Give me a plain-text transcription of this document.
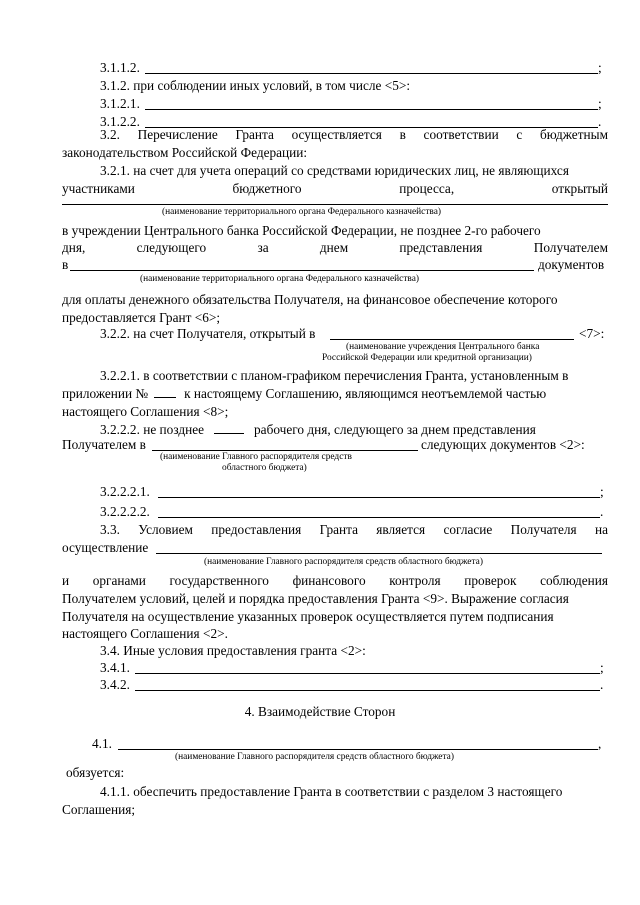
3.1.1.2.	;

3.1.2. при соблюдении иных условий, в том числе <5>:

3.1.2.1.	;

3.1.2.2.	.

3.2. Перечисление Гранта осуществляется в соответствии с бюджетным

законодательством Российской Федерации:

3.2.1. на счет для учета операций со средствами юридических лиц, не являющихся

участниками бюджетного процесса, открытый

(наименование территориального органа Федерального казначейства)

в учреждении Центрального банка Российской Федерации, не позднее 2-го рабочего

дня, следующего за днем представления Получателем

в	документов

(наименование территориального органа Федерального казначейства)

для оплаты денежного обязательства Получателя, на финансовое обеспечение которого

предоставляется Грант <6>;

3.2.2. на счет Получателя, открытый в	<7>:

(наименование учреждения Центрального банка

Российской Федерации или кредитной организации)

3.2.2.1. в соответствии с планом-графиком перечисления Гранта, установленным в

приложении №	к настоящему Соглашению, являющимся неотъемлемой частью

настоящего Соглашения <8>;

3.2.2.2. не позднее	рабочего дня, следующего за днем представления

Получателем в	следующих документов <2>:

(наименование Главного распорядителя средств

областного бюджета)

3.2.2.2.1.	;

3.2.2.2.2.	.

3.3. Условием предоставления Гранта является согласие Получателя на

осуществление

(наименование Главного распорядителя средств областного бюджета)

и органами государственного финансового контроля проверок соблюдения

Получателем условий, целей и порядка предоставления Гранта <9>. Выражение согласия

Получателя на осуществление указанных проверок осуществляется путем подписания

настоящего Соглашения <2>.

3.4. Иные условия предоставления гранта <2>:

3.4.1.	;

3.4.2.	.

4. Взаимодействие Сторон

4.1.	,

(наименование Главного распорядителя средств областного бюджета)

обязуется:

4.1.1. обеспечить предоставление Гранта в соответствии с разделом 3 настоящего

Соглашения;
